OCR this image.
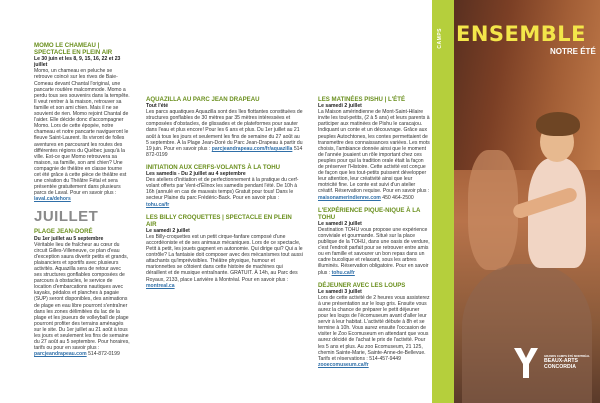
MOMO LE CHAMEAU | SPECTACLE EN PLEIN AIR
Le 30 juin et les 8, 9, 15, 16, 22 et 23 juillet
Momo, un chameau en peluche se retrouve coincé sur les rives de Baie-Comeau devant Chantal l'original, une pancarte routière malcommode. Momo a perdu tous ses souvenirs dans la tempête. Il veut rentrer à la maison, retrouver sa famille et son ami chien. Mais il ne se souvient de rien. Momo rejoint Chantal de l'aider. Elle décide donc d'accompagner Momo. Lors de cette épopée, notre chameau et notre pancarte navigueront le fleuve Saint-Laurent. Ils vivront de folles aventures en parcourant les routes des différentes régions du Québec jusqu'à la ville. Est-ce que Momo retrouvera sa maison, sa famille, son ami chien? Une compagnie de théâtre en classe tourne cet été grâce à cette pièce de théâtre est une création du Théâtre Fétal et sera présentée gratuitement dans plusieurs parcs de Laval. Pour en savoir plus : laval.ca/dehors
JUILLET
PLAGE JEAN-DORÉ
Du 1er juillet au 5 septembre
Véritable lieu de fraîcheur au cœur du circuit Gilles-Villeneuve, ce plan d'eau d'exception saura divertir petits et grands, plaisanciers et sportifs avec plusieurs activités. Aquazilla sera de retour avec ses structures gonflables composées de parcours à obstacles, le service de location d'embarcations nautiques avec kayaks, pédalos et planches à pagaie (SUP) seront disponibles, des animations de plage en eau libre pourront s'entraîner dans les zones délimitées du lac de la plage et les joueurs de volleyball de plage pourront profiter des terrains aménagés sur le site. Du 1er juillet au 21 août à tous les jours et seulement les fins de semaine du 27 août au 5 septembre. Pour horaires, tarifs ou pour en savoir plus : parcjeandrapeau.com 514-872-0199
AQUAZILLA AU PARC JEAN DRAPEAU
Tout l'été
Les parcs aquatiques Aquazilla sont des îles flottantes constituées de structures gonflables de 30 mètres par 35 mètres intéressées et composées d'obstacles, de glissades et de plateformes pour sauter dans l'eau et plus encore! Pour les 6 ans et plus. Du 1er juillet au 21 août à tous les jours et seulement les fins de semaine du 27 août au 5 septembre. À la Plage Jean-Doré du Parc Jean-Drapeau à partir du 19 juin. Pour en savoir plus : parcjeandrapeau.com/fr/aquazilla 514 872-0199
INITIATION AUX CERFS-VOLANTS À LA TOHU
Les samedis - Du 2 juillet au 4 septembre
Des ateliers d'initiation et de perfectionnement à la pratique du cerf-volant offerts par Vent-d'Élinox les samedis pendant l'été. De 10h à 16h (annulé en cas de mauvais temps) Gratuit pour tous! Dans le secteur Plaine du parc Frédéric-Back. Pour en savoir plus : tohu.ca/fr
LES BILLY CROQUETTES | SPECTACLE EN PLEIN AIR
Le samedi 2 juillet
Les Billy-croquettes est un petit cirque-fanfare composé d'une accordéoniste et de ses animaux mécaniques. Lors de ce spectacle, Petit à petit, les jouets gagnent en autonomie. Qui dirige qui? Qui a le contrôle? La fantaisie doit composer avec des mécanismes tout aussi attachants qu'imprévisibles. Théâtre physique, humour et marionnettes se côtoient dans cette histoire de machines qui déraillent et de musique entraînante. GRATUIT. À 14h, au Parc des Royaux, 2133, place Larivière à Montréal. Pour en savoir plus : montreal.ca
LES MATINÉES PISHU | L'ÉTÉ
Le samedi 2 juillet
La Maison amérindienne de Mont-Saint-Hilaire invite les tout-petits, (2 à 5 ans) et leurs parents à participer aux matinées de Pishu le caracajou. Indiquant un conte et un découvrage. Grâce aux peuples Autochtones, les contes permettaient de transmettre des connaissances variées. Les mots choisis, l'ambiance donnée ainsi que le moment de l'année jouaient un rôle important chez ces peuples pour qui la tradition orale était la façon de préserver l'Histoire. Cette activité est conçue de façon que les tout-petits puissent développer leur attention, leur créativité ainsi que leur motricité fine. Le conte est suivi d'un atelier créatif. Réservation requise. Pour en savoir plus : maisonamerindienne.com 450 464-2500
L'EXPÉRIENCE PIQUE-NIQUE À LA TOHU
Le samedi 2 juillet
Destination TOHU vous propose une expérience conviviale et gourmande. Situé sur la place publique de la TOHU, dans une oasis de verdure, c'est l'endroit parfait pour se retrouver entre amis ou en famille et savourer un bon repas dans un cadre bucolique et relaxant, sous les arbres illuminés. Réservation obligatoire. Pour en savoir plus : tohu.ca/fr
DÉJEUNER AVEC LES LOUPS
Le samedi 3 juillet
Lors de cette activité de 2 heures vous assisterez à une présentation sur le loup gris. Ensuite vous aurez la chance de préparer le petit déjeuner pour les loups de l'écomuseum avant d'aller leur servir à leur habitat. L'activité débute à 8h et se termine à 10h. Vous aurez ensuite l'occasion de visiter le Zoo Ecomuseum en attendant que vous aurez décidé de l'achat le prix de l'activité. Pour les 5 ans et plus. Au zoo Ecomuseum, 21 125, chemin Sainte-Marie, Sainte-Anne-de-Bellevue. Tarifs et réservations : 514-457-9449 zooecomuseum.ca/fr
CAMPS ENSEMBLE
NOTRE ÉTÉ
GRANDS CAMPS ÉTÉ MONTRÉAL
BEAUX-ARTS
CONCORDIA
